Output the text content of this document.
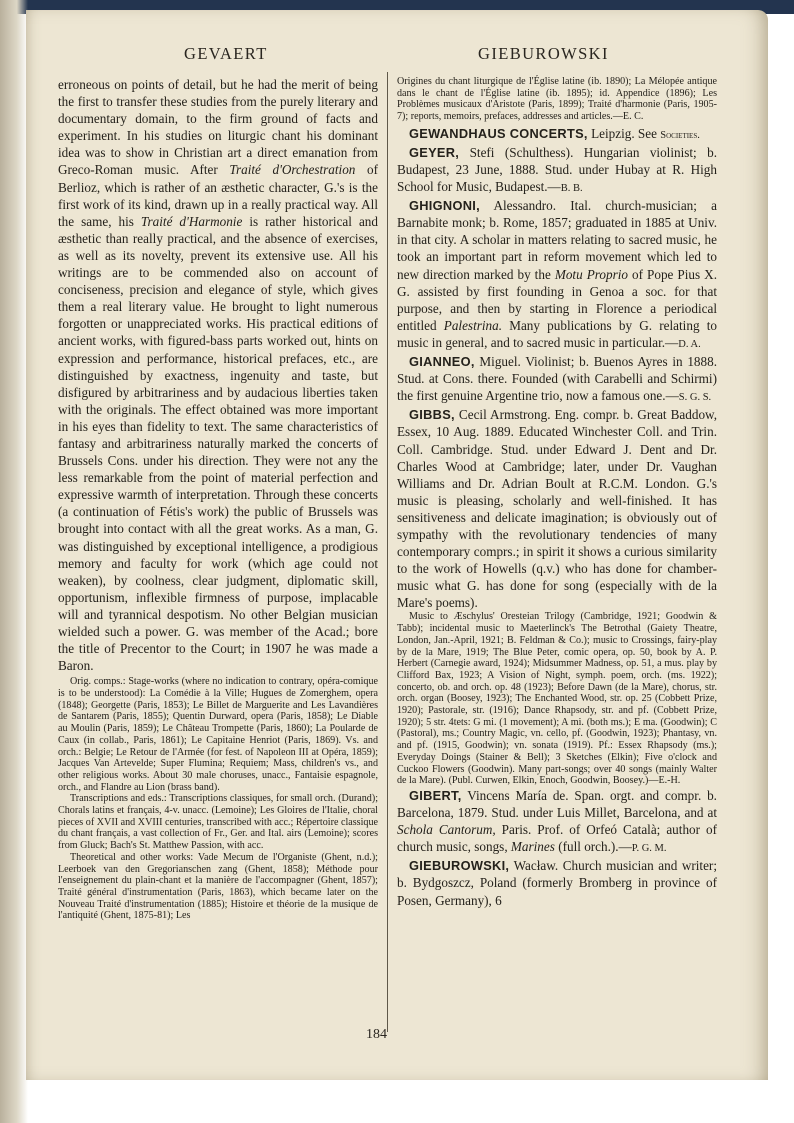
GEVAERT	GIEBUROWSKI

erroneous on points of detail, but he had the merit of being the first to transfer these studies from the purely literary and documentary domain, to the firm ground of facts and experiment. In his studies on liturgic chant his dominant idea was to show in Christian art a direct emanation from Greco-Roman music. After Traité d'Orchestration of Berlioz, which is rather of an æsthetic character, G.'s is the first work of its kind, drawn up in a really practical way. All the same, his Traité d'Harmonie is rather historical and æsthetic than really practical, and the absence of exercises, as well as its novelty, prevent its extensive use. All his writings are to be commended also on account of conciseness, precision and elegance of style, which gives them a real literary value. He brought to light numerous forgotten or unappreciated works. His practical editions of ancient works, with figured-bass parts worked out, hints on expression and performance, historical prefaces, etc., are distinguished by exactness, ingenuity and taste, but disfigured by arbitrariness and by audacious liberties taken with the originals. The effect obtained was more important in his eyes than fidelity to text. The same characteristics of fantasy and arbitrariness naturally marked the concerts of Brussels Cons. under his direction. They were not any the less remarkable from the point of material perfection and expressive warmth of interpretation. Through these concerts (a continuation of Fétis's work) the public of Brussels was brought into contact with all the great works. As a man, G. was distinguished by exceptional intelligence, a prodigious memory and faculty for work (which age could not weaken), by coolness, clear judgment, diplomatic skill, opportunism, inflexible firmness of purpose, implacable will and tyrannical despotism. No other Belgian musician wielded such a power. G. was member of the Acad.; bore the title of Precentor to the Court; in 1907 he was made a Baron.

Orig. comps.: Stage-works (where no indication to contrary, opéra-comique is to be understood): La Comédie à la Ville; Hugues de Zomerghem, opera (1848); Georgette (Paris, 1853); Le Billet de Marguerite and Les Lavandières de Santarem (Paris, 1855); Quentin Durward, opera (Paris, 1858); Le Diable au Moulin (Paris, 1859); Le Château Trompette (Paris, 1860); La Poularde de Caux (in collab., Paris, 1861); Le Capitaine Henriot (Paris, 1869). Vs. and orch.: Belgie; Le Retour de l'Armée (for fest. of Napoleon III at Opéra, 1859); Jacques Van Artevelde; Super Flumina; Requiem; Mass, children's vs., and other religious works. About 30 male choruses, unacc., Fantaisie espagnole, orch., and Flandre au Lion (brass band).

Transcriptions and eds.: Transcriptions classiques, for small orch. (Durand); Chorals latins et français, 4-v. unacc. (Lemoine); Les Gloires de l'Italie, choral pieces of XVII and XVIII centuries, transcribed with acc.; Répertoire classique du chant français, a vast collection of Fr., Ger. and Ital. airs (Lemoine); scores from Gluck; Bach's St. Matthew Passion, with acc.

Theoretical and other works: Vade Mecum de l'Organiste (Ghent, n.d.); Leerboek van den Gregorianschen zang (Ghent, 1858); Méthode pour l'enseignement du plain-chant et la manière de l'accompagner (Ghent, 1857); Traité général d'instrumentation (Paris, 1863), which became later on the Nouveau Traité d'instrumentation (1885); Histoire et théorie de la musique de l'antiquité (Ghent, 1875-81); Les

Origines du chant liturgique de l'Église latine (ib. 1890); La Mélopée antique dans le chant de l'Église latine (ib. 1895); id. Appendice (1896); Les Problèmes musicaux d'Aristote (Paris, 1899); Traité d'harmonie (Paris, 1905-7); reports, memoirs, prefaces, addresses and articles.—E. C.

GEWANDHAUS CONCERTS, Leipzig. See Societies.

GEYER, Stefi (Schulthess). Hungarian violinist; b. Budapest, 23 June, 1888. Stud. under Hubay at R. High School for Music, Budapest.—B. B.

GHIGNONI, Alessandro. Ital. church-musician; a Barnabite monk; b. Rome, 1857; graduated in 1885 at Univ. in that city. A scholar in matters relating to sacred music, he took an important part in reform movement which led to new direction marked by the Motu Proprio of Pope Pius X. G. assisted by first founding in Genoa a soc. for that purpose, and then by starting in Florence a periodical entitled Palestrina. Many publications by G. relating to music in general, and to sacred music in particular.—D. A.

GIANNEO, Miguel. Violinist; b. Buenos Ayres in 1888. Stud. at Cons. there. Founded (with Carabelli and Schirmi) the first genuine Argentine trio, now a famous one.—S. G. S.

GIBBS, Cecil Armstrong. Eng. compr. b. Great Baddow, Essex, 10 Aug. 1889. Educated Winchester Coll. and Trin. Coll. Cambridge. Stud. under Edward J. Dent and Dr. Charles Wood at Cambridge; later, under Dr. Vaughan Williams and Dr. Adrian Boult at R.C.M. London. G.'s music is pleasing, scholarly and well-finished. It has sensitiveness and delicate imagination; is obviously out of sympathy with the revolutionary tendencies of many contemporary comprs.; in spirit it shows a curious similarity to the work of Howells (q.v.) who has done for chamber-music what G. has done for song (especially with de la Mare's poems).

Music to Æschylus' Oresteian Trilogy (Cambridge, 1921; Goodwin & Tabb); incidental music to Maeterlinck's The Betrothal (Gaiety Theatre, London, Jan.-April, 1921; B. Feldman & Co.); music to Crossings, fairy-play by de la Mare, 1919; The Blue Peter, comic opera, op. 50, book by A. P. Herbert (Carnegie award, 1924); Midsummer Madness, op. 51, a mus. play by Clifford Bax, 1923; A Vision of Night, symph. poem, orch. (ms. 1922); concerto, ob. and orch. op. 48 (1923); Before Dawn (de la Mare), chorus, str. orch. organ (Boosey, 1923); The Enchanted Wood, str. op. 25 (Cobbett Prize, 1920); Pastorale, str. (1916); Dance Rhapsody, str. and pf. (Cobbett Prize, 1920); 5 str. 4tets: G mi. (1 movement); A mi. (both ms.); E ma. (Goodwin); C (Pastoral), ms.; Country Magic, vn. cello, pf. (Goodwin, 1923); Phantasy, vn. and pf. (1915, Goodwin); vn. sonata (1919). Pf.: Essex Rhapsody (ms.); Everyday Doings (Stainer & Bell); 3 Sketches (Elkin); Five o'clock and Cuckoo Flowers (Goodwin). Many part-songs; over 40 songs (mainly Walter de la Mare). (Publ. Curwen, Elkin, Enoch, Goodwin, Boosey.)—E.-H.

GIBERT, Vincens María de. Span. orgt. and compr. b. Barcelona, 1879. Stud. under Luis Millet, Barcelona, and at Schola Cantorum, Paris. Prof. of Orfeó Català; author of church music, songs, Marines (full orch.).—P. G. M.

GIEBUROWSKI, Wacław. Church musician and writer; b. Bydgoszcz, Poland (formerly Bromberg in province of Posen, Germany), 6

184
